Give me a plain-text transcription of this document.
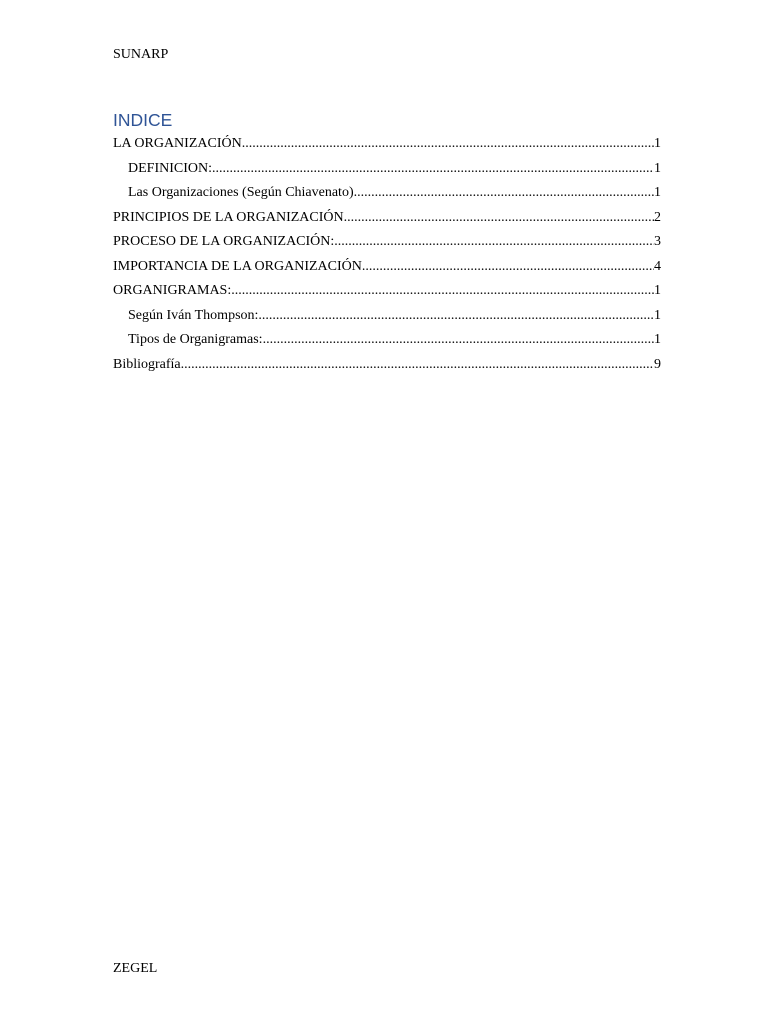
SUNARP
INDICE
LA ORGANIZACIÓN .....	1
DEFINICION: .....	1
Las Organizaciones (Según Chiavenato) .....	1
PRINCIPIOS DE LA ORGANIZACIÓN .....	2
PROCESO DE LA ORGANIZACIÓN: .....	3
IMPORTANCIA DE LA ORGANIZACIÓN .....	4
ORGANIGRAMAS: .....	1
Según Iván Thompson: .....	1
Tipos de Organigramas: .....	1
Bibliografía .....	9
ZEGEL
